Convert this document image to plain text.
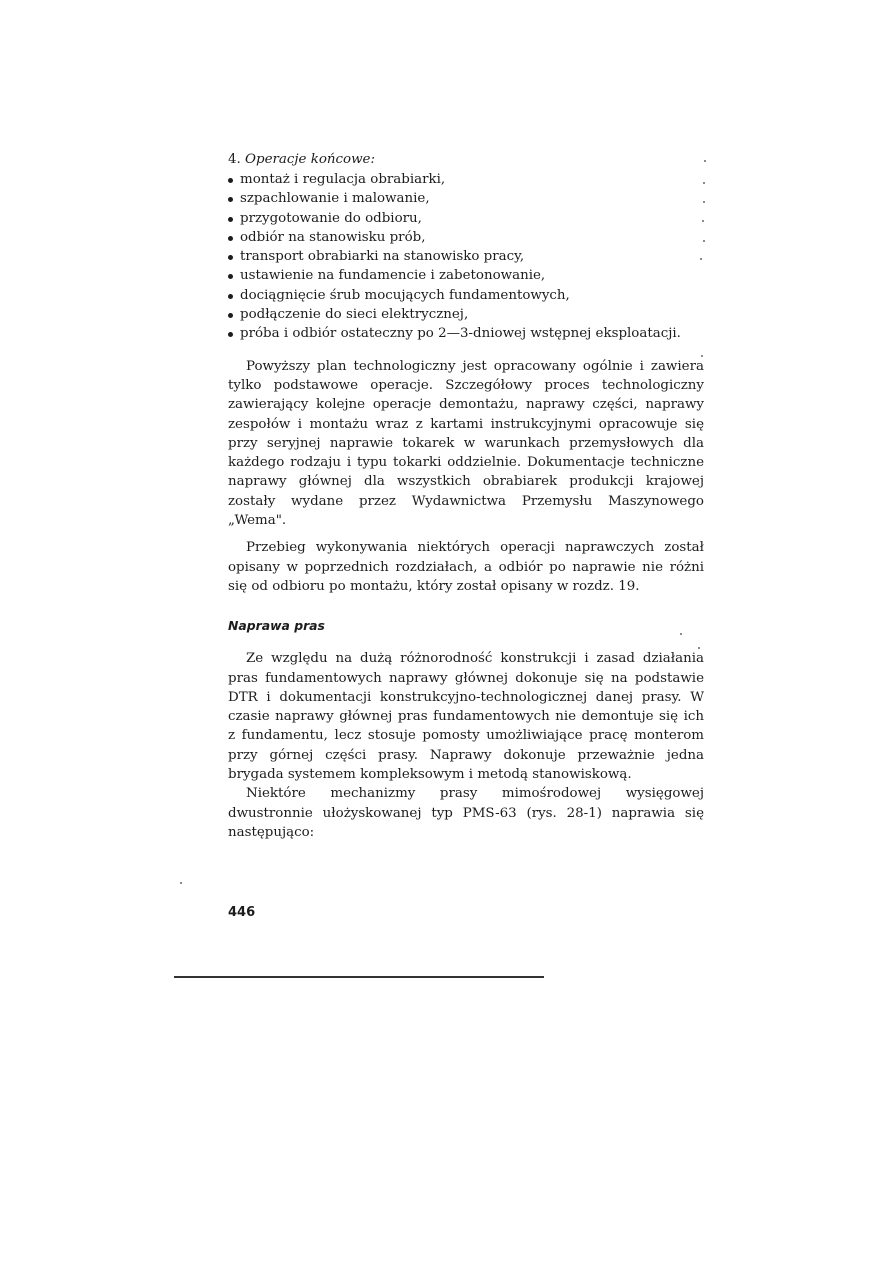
4. Operacje końcowe:

montaż i regulacja obrabiarki,
szpachlowanie i malowanie,
przygotowanie do odbioru,
odbiór na stanowisku prób,
transport obrabiarki na stanowisko pracy,
ustawienie na fundamencie i zabetonowanie,
dociągnięcie śrub mocujących fundamentowych,
podłączenie do sieci elektrycznej,
próba i odbiór ostateczny po 2—3-dniowej wstępnej eksploatacji.

Powyższy plan technologiczny jest opracowany ogólnie i zawiera tylko podstawowe operacje. Szczegółowy proces technologiczny zawierający kolejne operacje demontażu, naprawy części, naprawy zespołów i montażu wraz z kartami instrukcyjnymi opracowuje się przy seryjnej naprawie tokarek w warunkach przemysłowych dla każdego rodzaju i typu tokarki oddzielnie. Dokumentacje techniczne naprawy głównej dla wszystkich obrabiarek produkcji krajowej zostały wydane przez Wydawnictwa Przemysłu Maszynowego „Wema".

Przebieg wykonywania niektórych operacji naprawczych został opisany w poprzednich rozdziałach, a odbiór po naprawie nie różni się od odbioru po montażu, który został opisany w rozdz. 19.

Naprawa pras

Ze względu na dużą różnorodność konstrukcji i zasad działania pras fundamentowych naprawy głównej dokonuje się na podstawie DTR i dokumentacji konstrukcyjno-technologicznej danej prasy. W czasie naprawy głównej pras fundamentowych nie demontuje się ich z fundamentu, lecz stosuje pomosty umożliwiające pracę monterom przy górnej części prasy. Naprawy dokonuje przeważnie jedna brygada systemem kompleksowym i metodą stanowiskową.

Niektóre mechanizmy prasy mimośrodowej wysięgowej dwustronnie ułożyskowanej typ PMS-63 (rys. 28-1) naprawia się następująco:

446
